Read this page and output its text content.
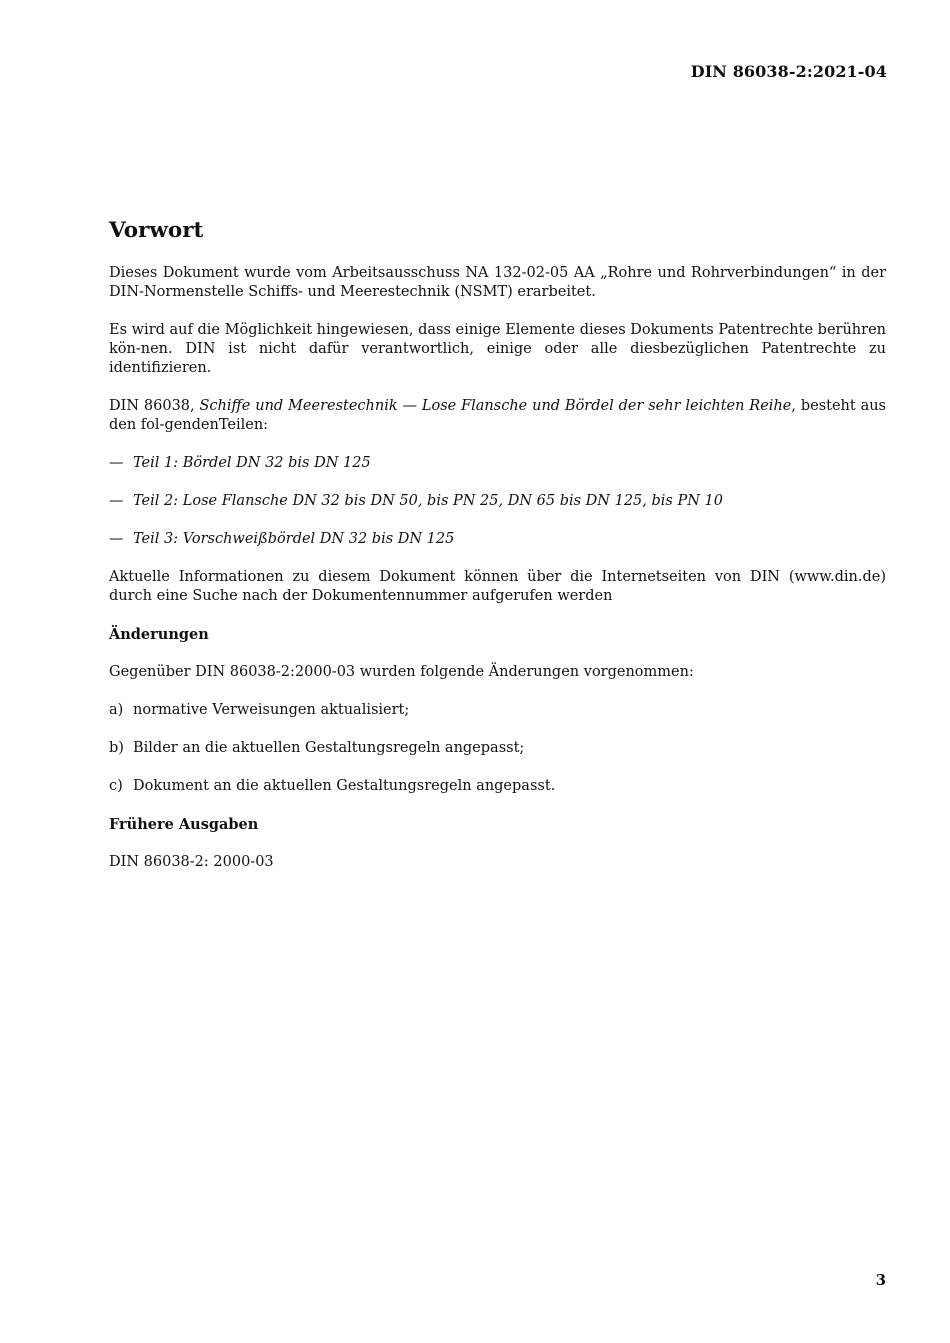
DIN 86038-2:2021-04
Vorwort

Dieses Dokument wurde vom Arbeitsausschuss NA 132-02-05 AA „Rohre und Rohrverbindungen“ in der DIN-Normenstelle Schiffs- und Meerestechnik (NSMT) erarbeitet.

Es wird auf die Möglichkeit hingewiesen, dass einige Elemente dieses Dokuments Patentrechte berühren kön-nen. DIN ist nicht dafür verantwortlich, einige oder alle diesbezüglichen Patentrechte zu identifizieren.

DIN 86038, Schiffe und Meerestechnik — Lose Flansche und Bördel der sehr leichten Reihe, besteht aus den fol-gendenTeilen:

— Teil 1: Bördel DN 32 bis DN 125
— Teil 2: Lose Flansche DN 32 bis DN 50, bis PN 25, DN 65 bis DN 125, bis PN 10
— Teil 3: Vorschweißbördel DN 32 bis DN 125

Aktuelle Informationen zu diesem Dokument können über die Internetseiten von DIN (www.din.de) durch eine Suche nach der Dokumentennummer aufgerufen werden

Änderungen

Gegenüber DIN 86038-2:2000-03 wurden folgende Änderungen vorgenommen:

a) normative Verweisungen aktualisiert;
b) Bilder an die aktuellen Gestaltungsregeln angepasst;
c) Dokument an die aktuellen Gestaltungsregeln angepasst.
Frühere Ausgaben

DIN 86038-2: 2000-03

3
